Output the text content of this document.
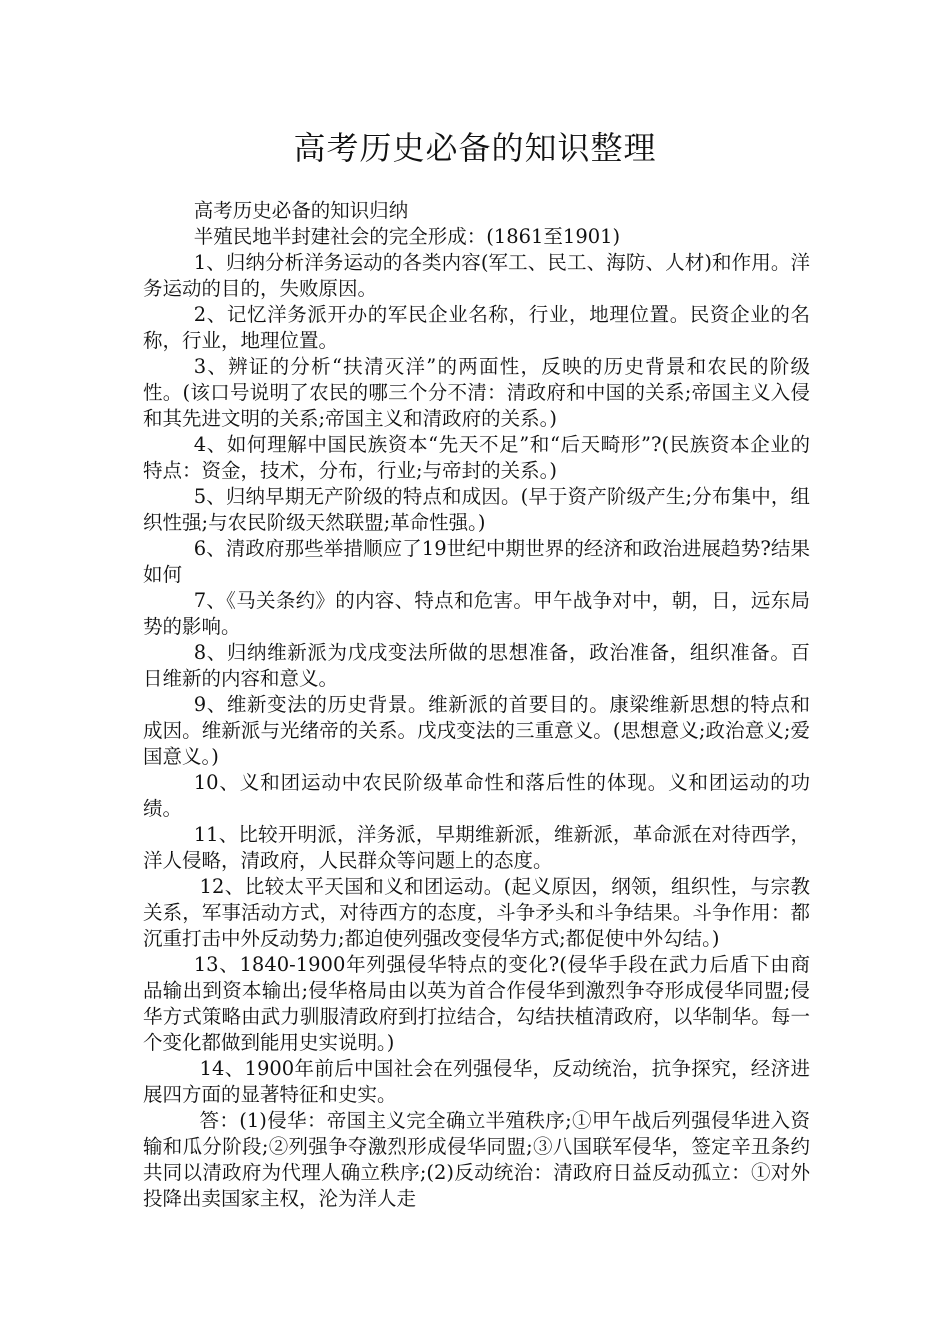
高考历史必备的知识整理

高考历史必备的知识归纳

半殖民地半封建社会的完全形成：(1861至1901)

1、归纳分析洋务运动的各类内容(军工、民工、海防、人材)和作用。洋务运动的目的，失败原因。

2、记忆洋务派开办的军民企业名称，行业，地理位置。民资企业的名称，行业，地理位置。

3、辨证的分析“扶清灭洋”的两面性，反映的历史背景和农民的阶级性。(该口号说明了农民的哪三个分不清：清政府和中国的关系;帝国主义入侵和其先进文明的关系;帝国主义和清政府的关系。)

4、如何理解中国民族资本“先天不足”和“后天畸形”?(民族资本企业的特点：资金，技术，分布，行业;与帝封的关系。)

5、归纳早期无产阶级的特点和成因。(早于资产阶级产生;分布集中，组织性强;与农民阶级天然联盟;革命性强。)

6、清政府那些举措顺应了19世纪中期世界的经济和政治进展趋势?结果如何

7、《马关条约》的内容、特点和危害。甲午战争对中，朝，日，远东局势的影响。

8、归纳维新派为戊戌变法所做的思想准备，政治准备，组织准备。百日维新的内容和意义。

9、维新变法的历史背景。维新派的首要目的。康梁维新思想的特点和成因。维新派与光绪帝的关系。戊戌变法的三重意义。(思想意义;政治意义;爱国意义。)

10、义和团运动中农民阶级革命性和落后性的体现。义和团运动的功绩。

11、比较开明派，洋务派，早期维新派，维新派，革命派在对待西学，洋人侵略，清政府，人民群众等问题上的态度。

12、比较太平天国和义和团运动。(起义原因，纲领，组织性，与宗教关系，军事活动方式，对待西方的态度，斗争矛头和斗争结果。斗争作用：都沉重打击中外反动势力;都迫使列强改变侵华方式;都促使中外勾结。)

13、1840-1900年列强侵华特点的变化?(侵华手段在武力后盾下由商品输出到资本输出;侵华格局由以英为首合作侵华到激烈争夺形成侵华同盟;侵华方式策略由武力驯服清政府到打拉结合，勾结扶植清政府，以华制华。每一个变化都做到能用史实说明。)

14、1900年前后中国社会在列强侵华，反动统治，抗争探究，经济进展四方面的显著特征和史实。

答：(1)侵华：帝国主义完全确立半殖秩序;①甲午战后列强侵华进入资输和瓜分阶段;②列强争夺激烈形成侵华同盟;③八国联军侵华，签定辛丑条约共同以清政府为代理人确立秩序;(2)反动统治：清政府日益反动孤立：①对外投降出卖国家主权，沦为洋人走
